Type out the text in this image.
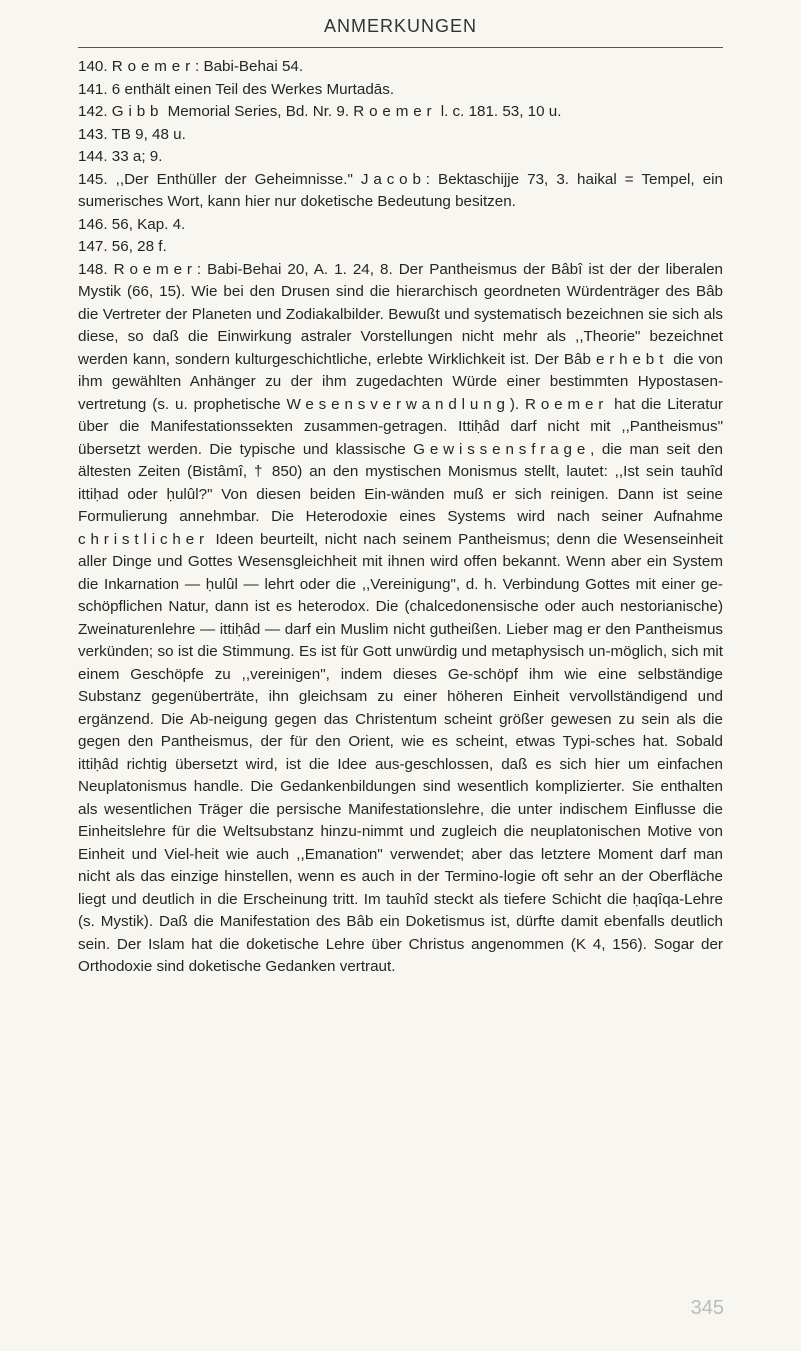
ANMERKUNGEN

140. Roemer: Babi-Behai 54.

141. 6 enthält einen Teil des Werkes Murtadās.

142. Gibb Memorial Series, Bd. Nr. 9. Roemer l. c. 181. 53, 10 u.

143. TB 9, 48 u.

144. 33 a; 9.

145. ,,Der Enthüller der Geheimnisse." Jacob: Bektaschijje 73, 3. haikal = Tempel, ein sumerisches Wort, kann hier nur doketische Bedeutung besitzen.

146. 56, Kap. 4.

147. 56, 28 f.

148. Roemer: Babi-Behai 20, A. 1. 24, 8. Der Pantheismus der Bâbî ist der der liberalen Mystik (66, 15). Wie bei den Drusen sind die hierarchisch geordneten Würdenträger des Bâb die Vertreter der Planeten und Zodiakalbilder. Bewußt und systematisch bezeichnen sie sich als diese, so daß die Einwirkung astraler Vorstellungen nicht mehr als ,,Theorie" bezeichnet werden kann, sondern kulturgeschichtliche, erlebte Wirklichkeit ist. Der Bâb erhebt die von ihm gewählten Anhänger zu der ihm zugedachten Würde einer bestimmten Hypostasen-vertretung (s. u. prophetische Wesensverwandlung). Roemer hat die Literatur über die Manifestationssekten zusammen-getragen. Ittiḥâd darf nicht mit ,,Pantheismus" übersetzt werden. Die typische und klassische Gewissensfrage, die man seit den ältesten Zeiten (Bistâmî, † 850) an den mystischen Monismus stellt, lautet: ,,Ist sein tauhîd ittiḥad oder ḥulûl?" Von diesen beiden Ein-wänden muß er sich reinigen. Dann ist seine Formulierung annehmbar. Die Heterodoxie eines Systems wird nach seiner Aufnahme christlicher Ideen beurteilt, nicht nach seinem Pantheismus; denn die Wesenseinheit aller Dinge und Gottes Wesensgleichheit mit ihnen wird offen bekannt. Wenn aber ein System die Inkarnation — ḥulûl — lehrt oder die ,,Vereinigung", d. h. Verbindung Gottes mit einer ge-schöpflichen Natur, dann ist es heterodox. Die (chalcedonensische oder auch nestorianische) Zweinaturenlehre — ittiḥâd — darf ein Muslim nicht gutheißen. Lieber mag er den Pantheismus verkünden; so ist die Stimmung. Es ist für Gott unwürdig und metaphysisch un-möglich, sich mit einem Geschöpfe zu ,,vereinigen", indem dieses Ge-schöpf ihm wie eine selbständige Substanz gegenüberträte, ihn gleichsam zu einer höheren Einheit vervollständigend und ergänzend. Die Ab-neigung gegen das Christentum scheint größer gewesen zu sein als die gegen den Pantheismus, der für den Orient, wie es scheint, etwas Typi-sches hat. Sobald ittiḥâd richtig übersetzt wird, ist die Idee aus-geschlossen, daß es sich hier um einfachen Neuplatonismus handle. Die Gedankenbildungen sind wesentlich komplizierter. Sie enthalten als wesentlichen Träger die persische Manifestationslehre, die unter indischem Einflusse die Einheitslehre für die Weltsubstanz hinzu-nimmt und zugleich die neuplatonischen Motive von Einheit und Viel-heit wie auch ,,Emanation" verwendet; aber das letztere Moment darf man nicht als das einzige hinstellen, wenn es auch in der Termino-logie oft sehr an der Oberfläche liegt und deutlich in die Erscheinung tritt. Im tauhîd steckt als tiefere Schicht die ḥaqîqa-Lehre (s. Mystik). Daß die Manifestation des Bâb ein Doketismus ist, dürfte damit ebenfalls deutlich sein. Der Islam hat die doketische Lehre über Christus angenommen (K 4, 156). Sogar der Orthodoxie sind doketische Gedanken vertraut.

345
